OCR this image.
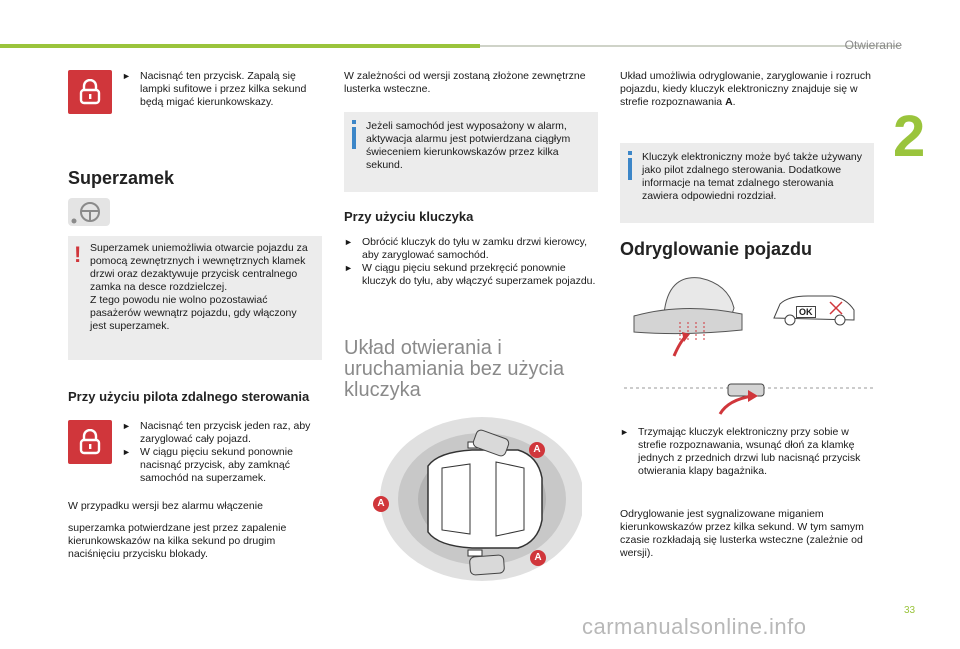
Otwieranie
2
► Nacisnąć ten przycisk. Zapalą się lampki sufitowe i przez kilka sekund będą migać kierunkowskazy.
Superzamek
! Superzamek uniemożliwia otwarcie pojazdu za pomocą zewnętrznych i wewnętrznych klamek drzwi oraz dezaktywuje przycisk centralnego zamka na desce rozdzielczej.
Z tego powodu nie wolno pozostawiać pasażerów wewnątrz pojazdu, gdy włączony jest superzamek.
Przy użyciu pilota zdalnego sterowania
► Nacisnąć ten przycisk jeden raz, aby zaryglować cały pojazd.
► W ciągu pięciu sekund ponownie nacisnąć przycisk, aby zamknąć samochód na superzamek.
W przypadku wersji bez alarmu włączenie
superzamka potwierdzane jest przez zapalenie kierunkowskazów na kilka sekund po drugim naciśnięciu przycisku blokady.
W zależności od wersji zostaną złożone zewnętrzne lusterka wsteczne.
Jeżeli samochód jest wyposażony w alarm, aktywacja alarmu jest potwierdzana ciągłym świeceniem kierunkowskazów przez kilka sekund.
Przy użyciu kluczyka
► Obrócić kluczyk do tyłu w zamku drzwi kierowcy, aby zaryglować samochód.
► W ciągu pięciu sekund przekręcić ponownie kluczyk do tyłu, aby włączyć superzamek pojazdu.
Układ otwierania i uruchamiania bez użycia kluczyka
A
A
A
Układ umożliwia odryglowanie, zaryglowanie i rozruch pojazdu, kiedy kluczyk elektroniczny znajduje się w strefie rozpoznawania A.
Kluczyk elektroniczny może być także używany jako pilot zdalnego sterowania. Dodatkowe informacje na temat zdalnego sterowania zawiera odpowiedni rozdział.
Odryglowanie pojazdu
OK
► Trzymając kluczyk elektroniczny przy sobie w strefie rozpoznawania, wsunąć dłoń za klamkę jednych z przednich drzwi lub nacisnąć przycisk otwierania klapy bagażnika.
Odryglowanie jest sygnalizowane miganiem kierunkowskazów przez kilka sekund. W tym samym czasie rozkładają się lusterka wsteczne (zależnie od wersji).
33
carmanualsonline.info
